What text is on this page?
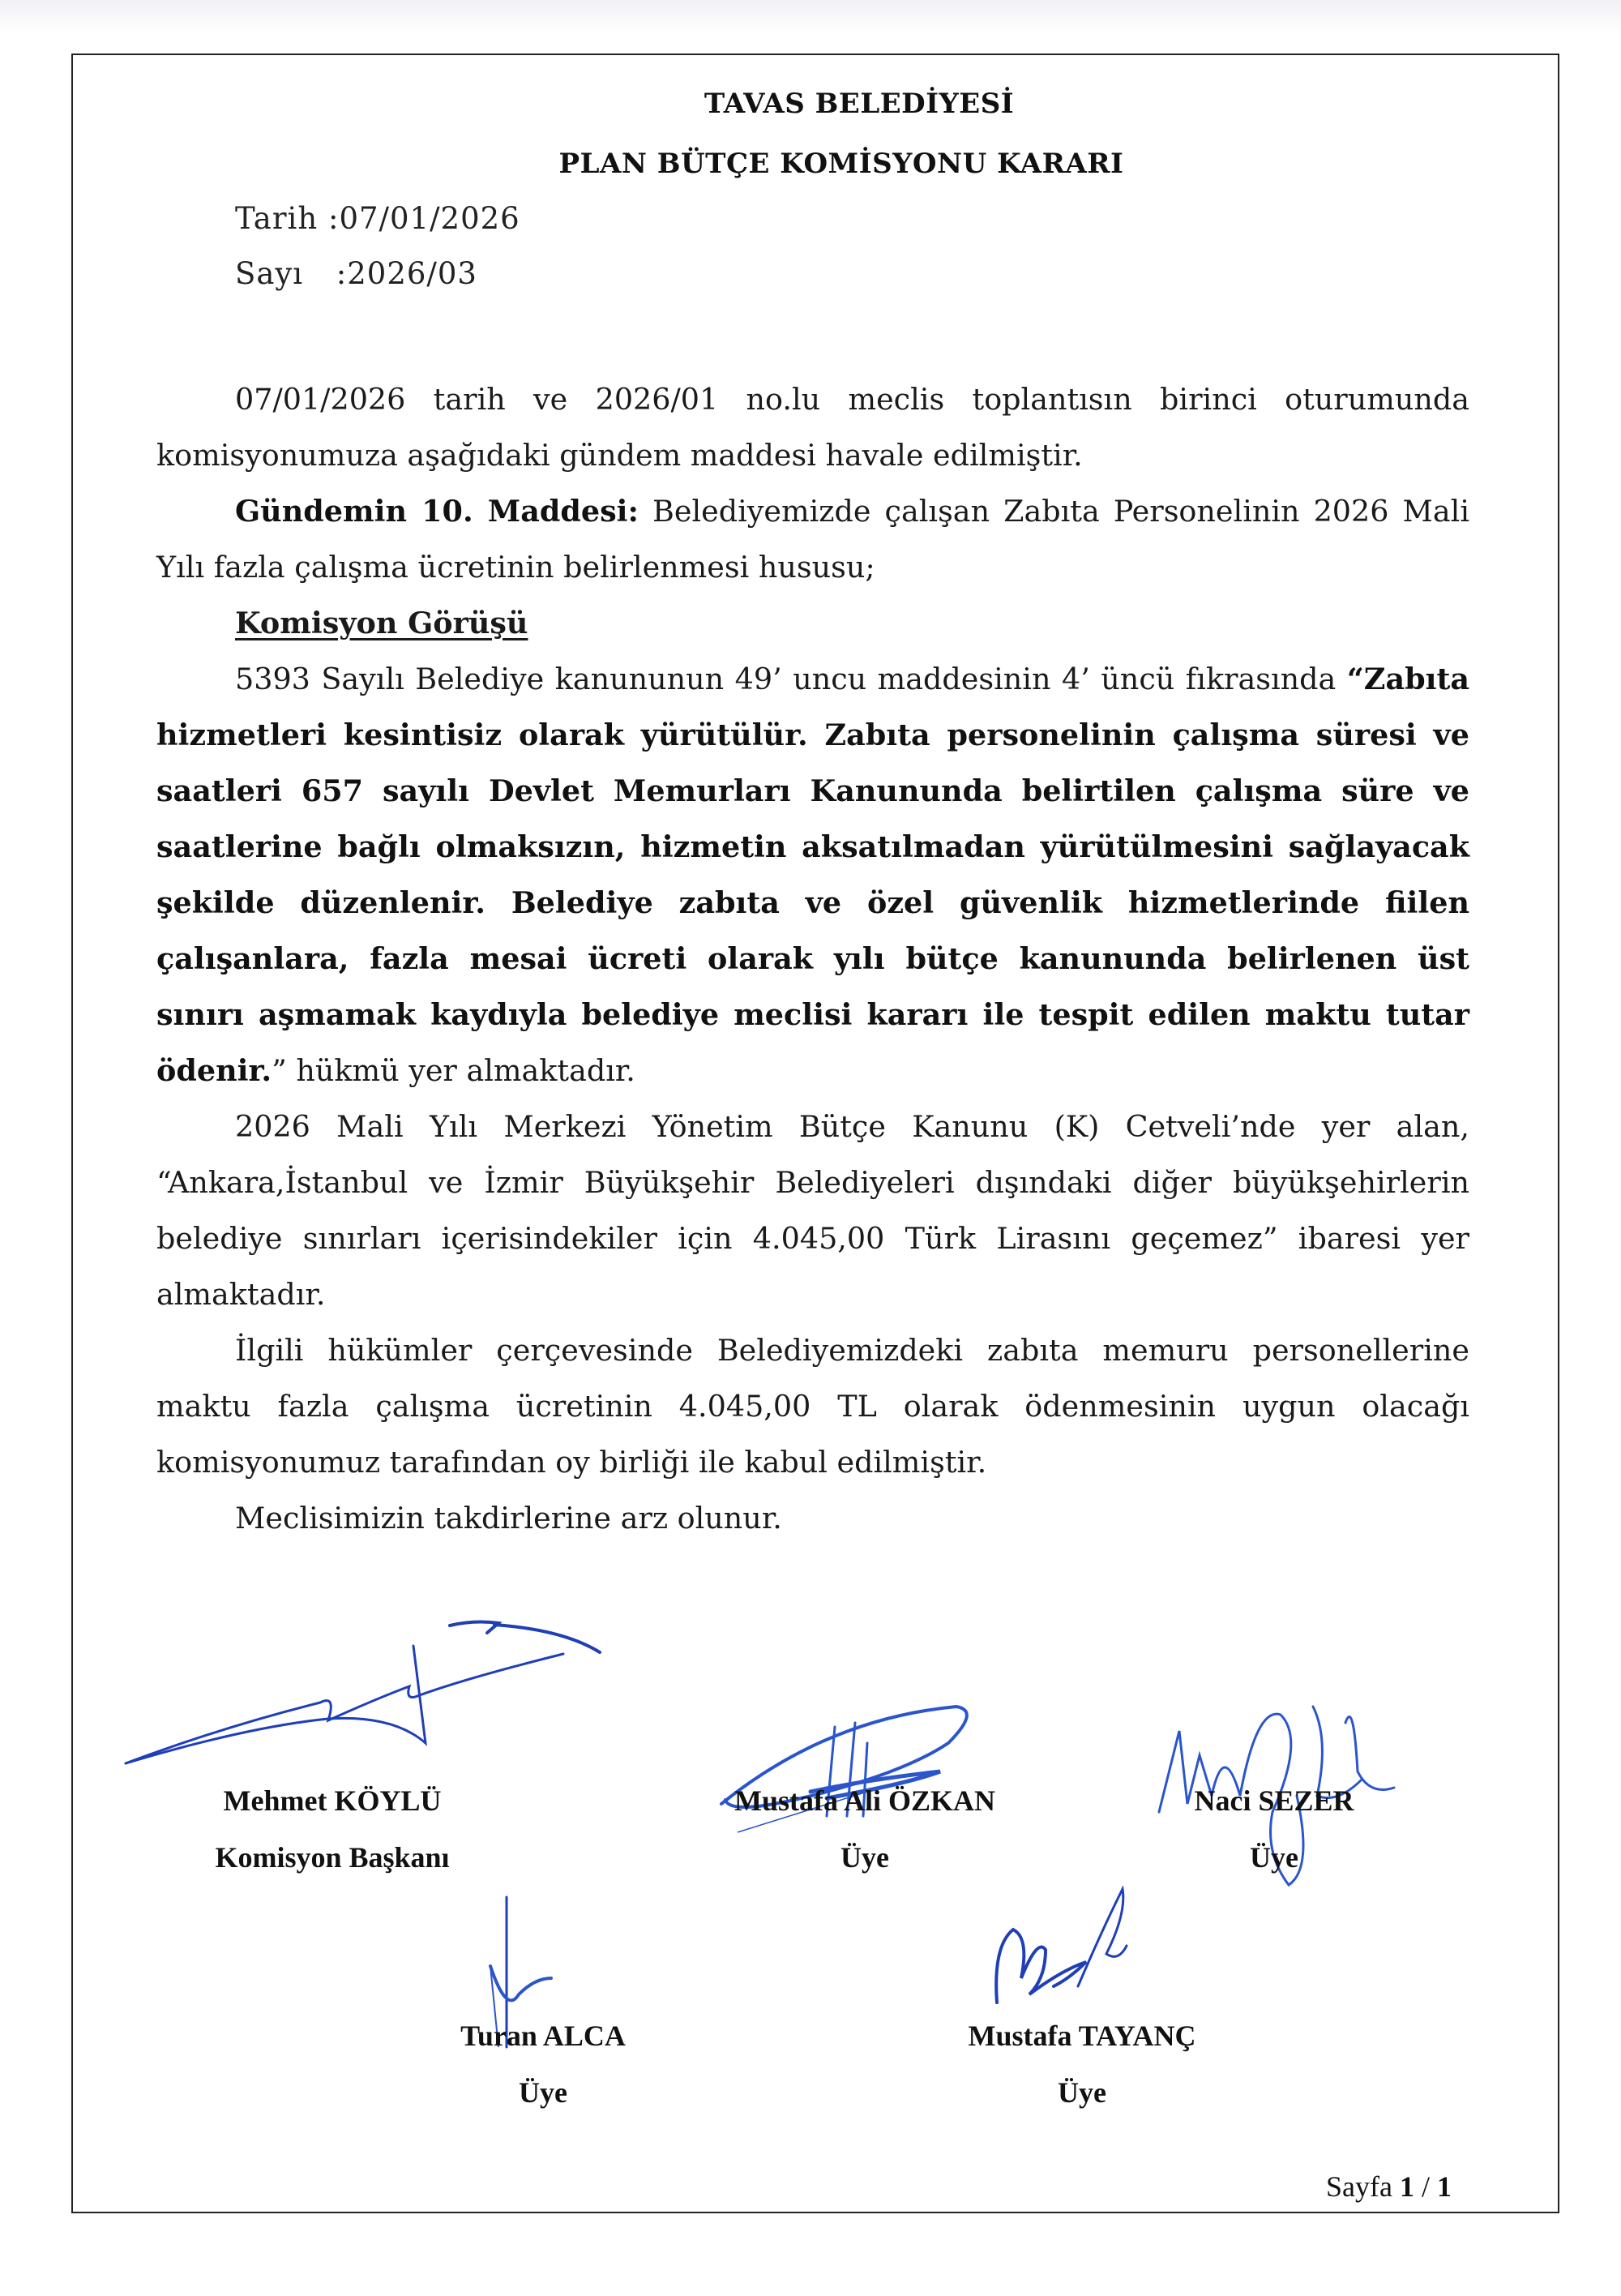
TAVAS BELEDİYESİ
PLAN BÜTÇE KOMİSYONU KARARI
Tarih :07/01/2026
Sayı :2026/03

07/01/2026 tarih ve 2026/01 no.lu meclis toplantısın birinci oturumunda komisyonumuza aşağıdaki gündem maddesi havale edilmiştir.

Gündemin 10. Maddesi: Belediyemizde çalışan Zabıta Personelinin 2026 Mali Yılı fazla çalışma ücretinin belirlenmesi hususu;

Komisyon Görüşü

5393 Sayılı Belediye kanununun 49’ uncu maddesinin 4’ üncü fıkrasında “Zabıta hizmetleri kesintisiz olarak yürütülür. Zabıta personelinin çalışma süresi ve saatleri 657 sayılı Devlet Memurları Kanununda belirtilen çalışma süre ve saatlerine bağlı olmaksızın, hizmetin aksatılmadan yürütülmesini sağlayacak şekilde düzenlenir. Belediye zabıta ve özel güvenlik hizmetlerinde fiilen çalışanlara, fazla mesai ücreti olarak yılı bütçe kanununda belirlenen üst sınırı aşmamak kaydıyla belediye meclisi kararı ile tespit edilen maktu tutar ödenir.” hükmü yer almaktadır.

2026 Mali Yılı Merkezi Yönetim Bütçe Kanunu (K) Cetveli’nde yer alan, “Ankara,İstanbul ve İzmir Büyükşehir Belediyeleri dışındaki diğer büyükşehirlerin belediye sınırları içerisindekiler için 4.045,00 Türk Lirasını geçemez” ibaresi yer almaktadır.

İlgili hükümler çerçevesinde Belediyemizdeki zabıta memuru personellerine maktu fazla çalışma ücretinin 4.045,00 TL olarak ödenmesinin uygun olacağı komisyonumuz tarafından oy birliği ile kabul edilmiştir.

Meclisimizin takdirlerine arz olunur.

Mehmet KÖYLÜ
Komisyon Başkanı
Mustafa Ali ÖZKAN
Üye
Naci SEZER
Üye
Turan ALCA
Üye
Mustafa TAYANÇ
Üye
Sayfa 1 / 1
